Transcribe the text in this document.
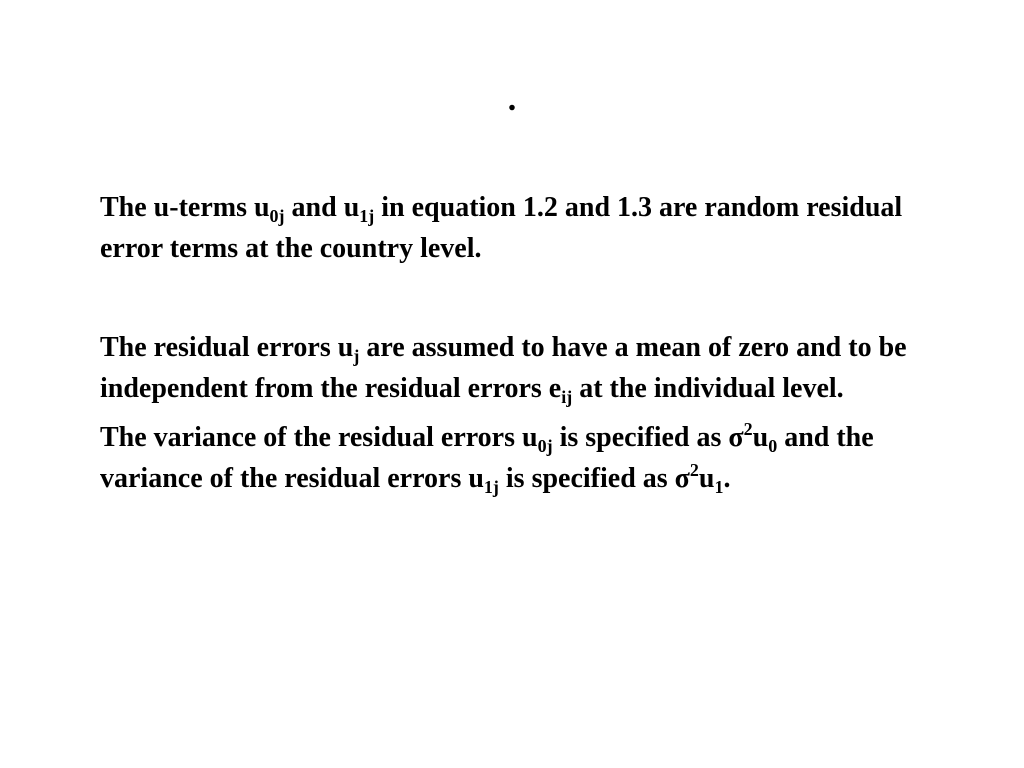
.

The u-terms $u_{0j}$ and $u_{1j}$ in equation 1.2 and 1.3 are random residual error terms at the country level.

The residual errors $u_j$ are assumed to have a mean of zero and to be independent from the residual errors $e_{ij}$ at the individual level.

The variance of the residual errors $u_{0j}$ is specified as $\sigma^2u_0$ and the variance of the residual errors $u_{1j}$ is specified as $\sigma^2u_1$.
